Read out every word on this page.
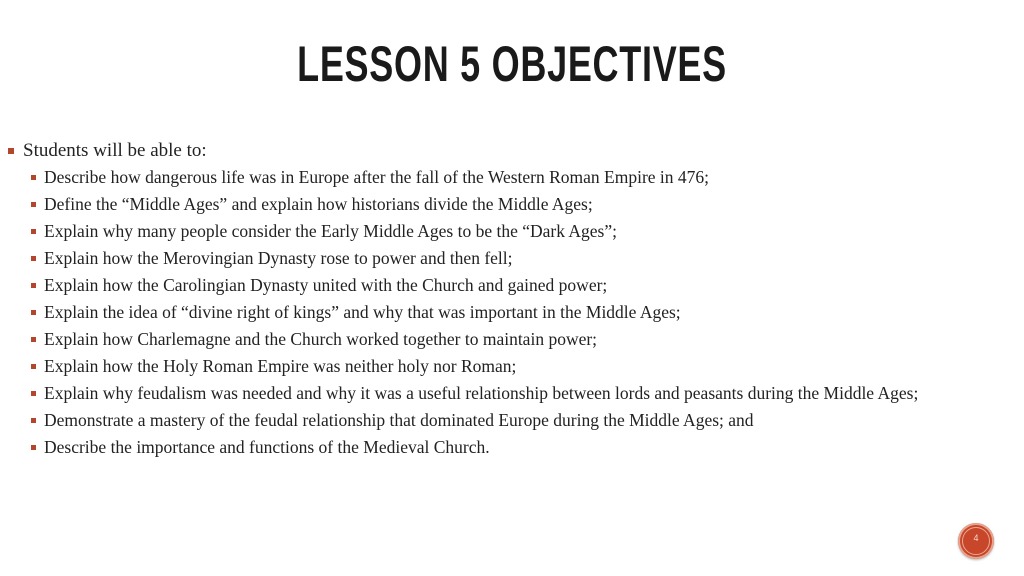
LESSON 5 OBJECTIVES
Students will be able to:
Describe how dangerous life was in Europe after the fall of the Western Roman Empire in 476;
Define the “Middle Ages” and explain how historians divide the Middle Ages;
Explain why many people consider the Early Middle Ages to be the “Dark Ages”;
Explain how the Merovingian Dynasty rose to power and then fell;
Explain how the Carolingian Dynasty united with the Church and gained power;
Explain the idea of “divine right of kings” and why that was important in the Middle Ages;
Explain how Charlemagne and the Church worked together to maintain power;
Explain how the Holy Roman Empire was neither holy nor Roman;
Explain why feudalism was needed and why it was a useful relationship between lords and peasants during the Middle Ages;
Demonstrate a mastery of the feudal relationship that dominated Europe during the Middle Ages; and
Describe the importance and functions of the Medieval Church.
4
